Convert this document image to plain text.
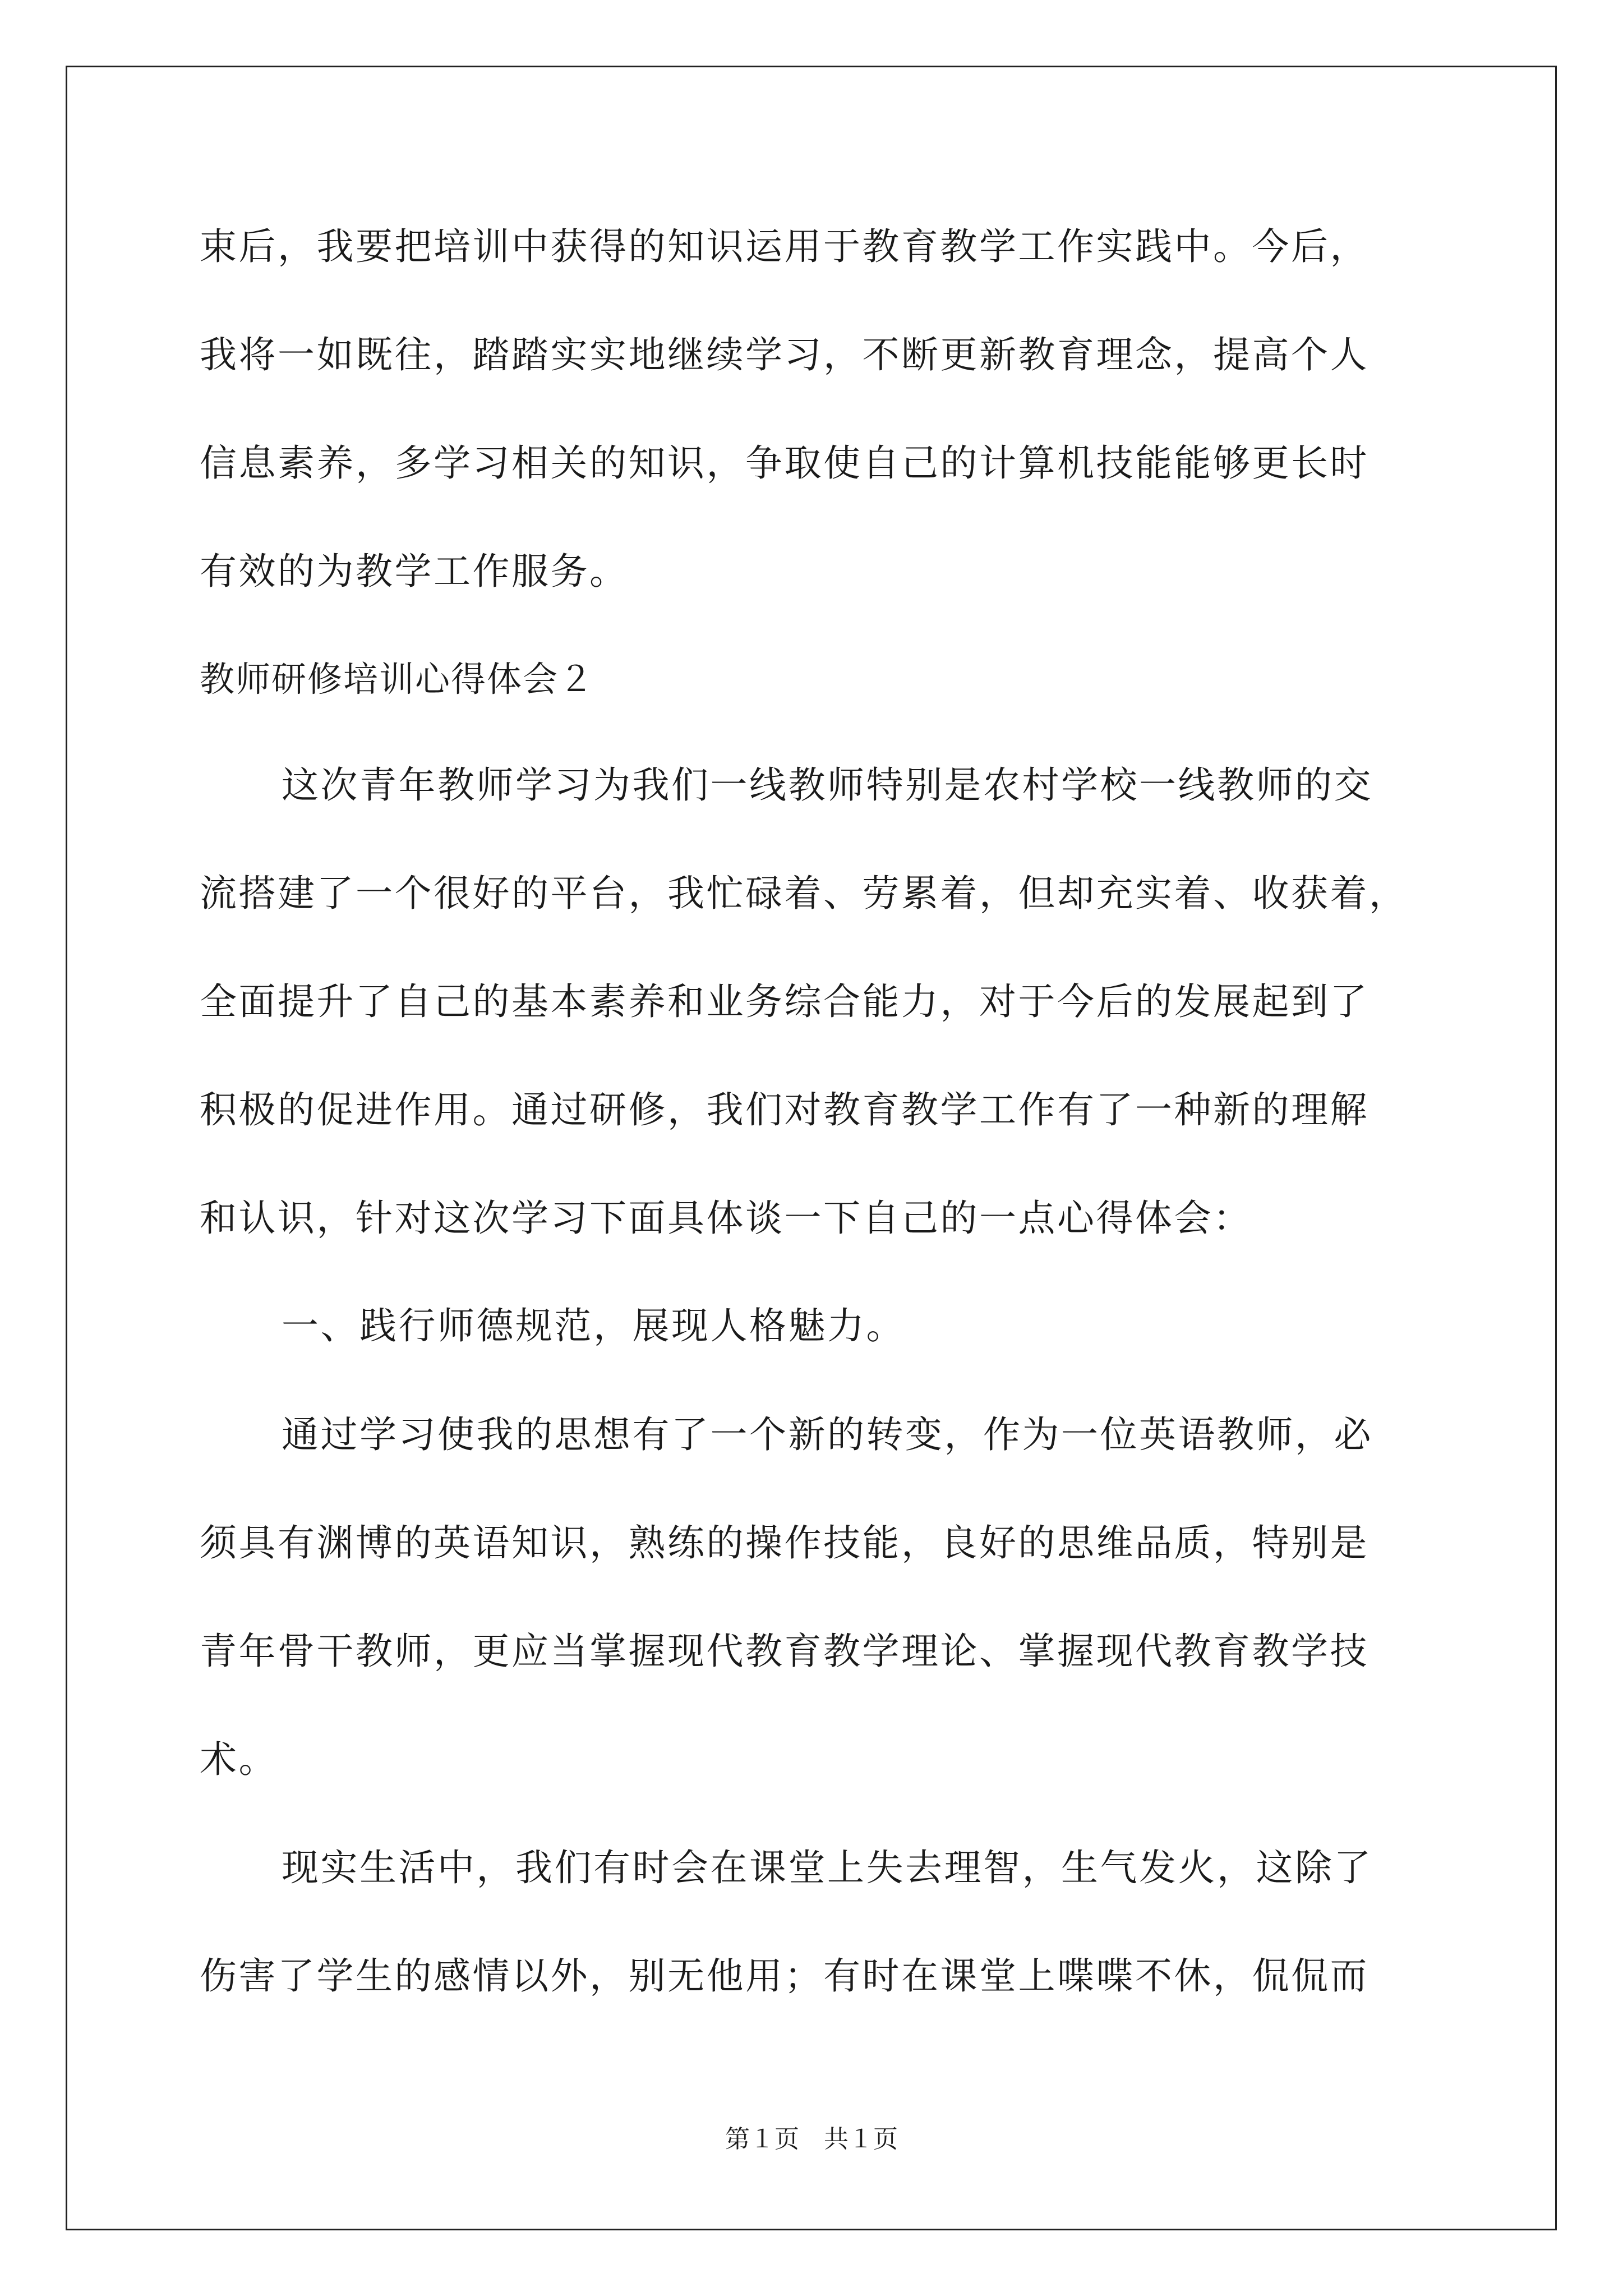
束后，我要把培训中获得的知识运用于教育教学工作实践中。今后，
我将一如既往，踏踏实实地继续学习，不断更新教育理念，提高个人
信息素养，多学习相关的知识，争取使自己的计算机技能能够更长时
有效的为教学工作服务。
教师研修培训心得体会２
这次青年教师学习为我们一线教师特别是农村学校一线教师的交
流搭建了一个很好的平台，我忙碌着、劳累着，但却充实着、收获着，
全面提升了自己的基本素养和业务综合能力，对于今后的发展起到了
积极的促进作用。通过研修，我们对教育教学工作有了一种新的理解
和认识，针对这次学习下面具体谈一下自己的一点心得体会：
一、践行师德规范，展现人格魅力。
通过学习使我的思想有了一个新的转变，作为一位英语教师，必
须具有渊博的英语知识，熟练的操作技能，良好的思维品质，特别是
青年骨干教师，更应当掌握现代教育教学理论、掌握现代教育教学技
术。
现实生活中，我们有时会在课堂上失去理智，生气发火，这除了
伤害了学生的感情以外，别无他用；有时在课堂上喋喋不休，侃侃而
第１页　共１页
